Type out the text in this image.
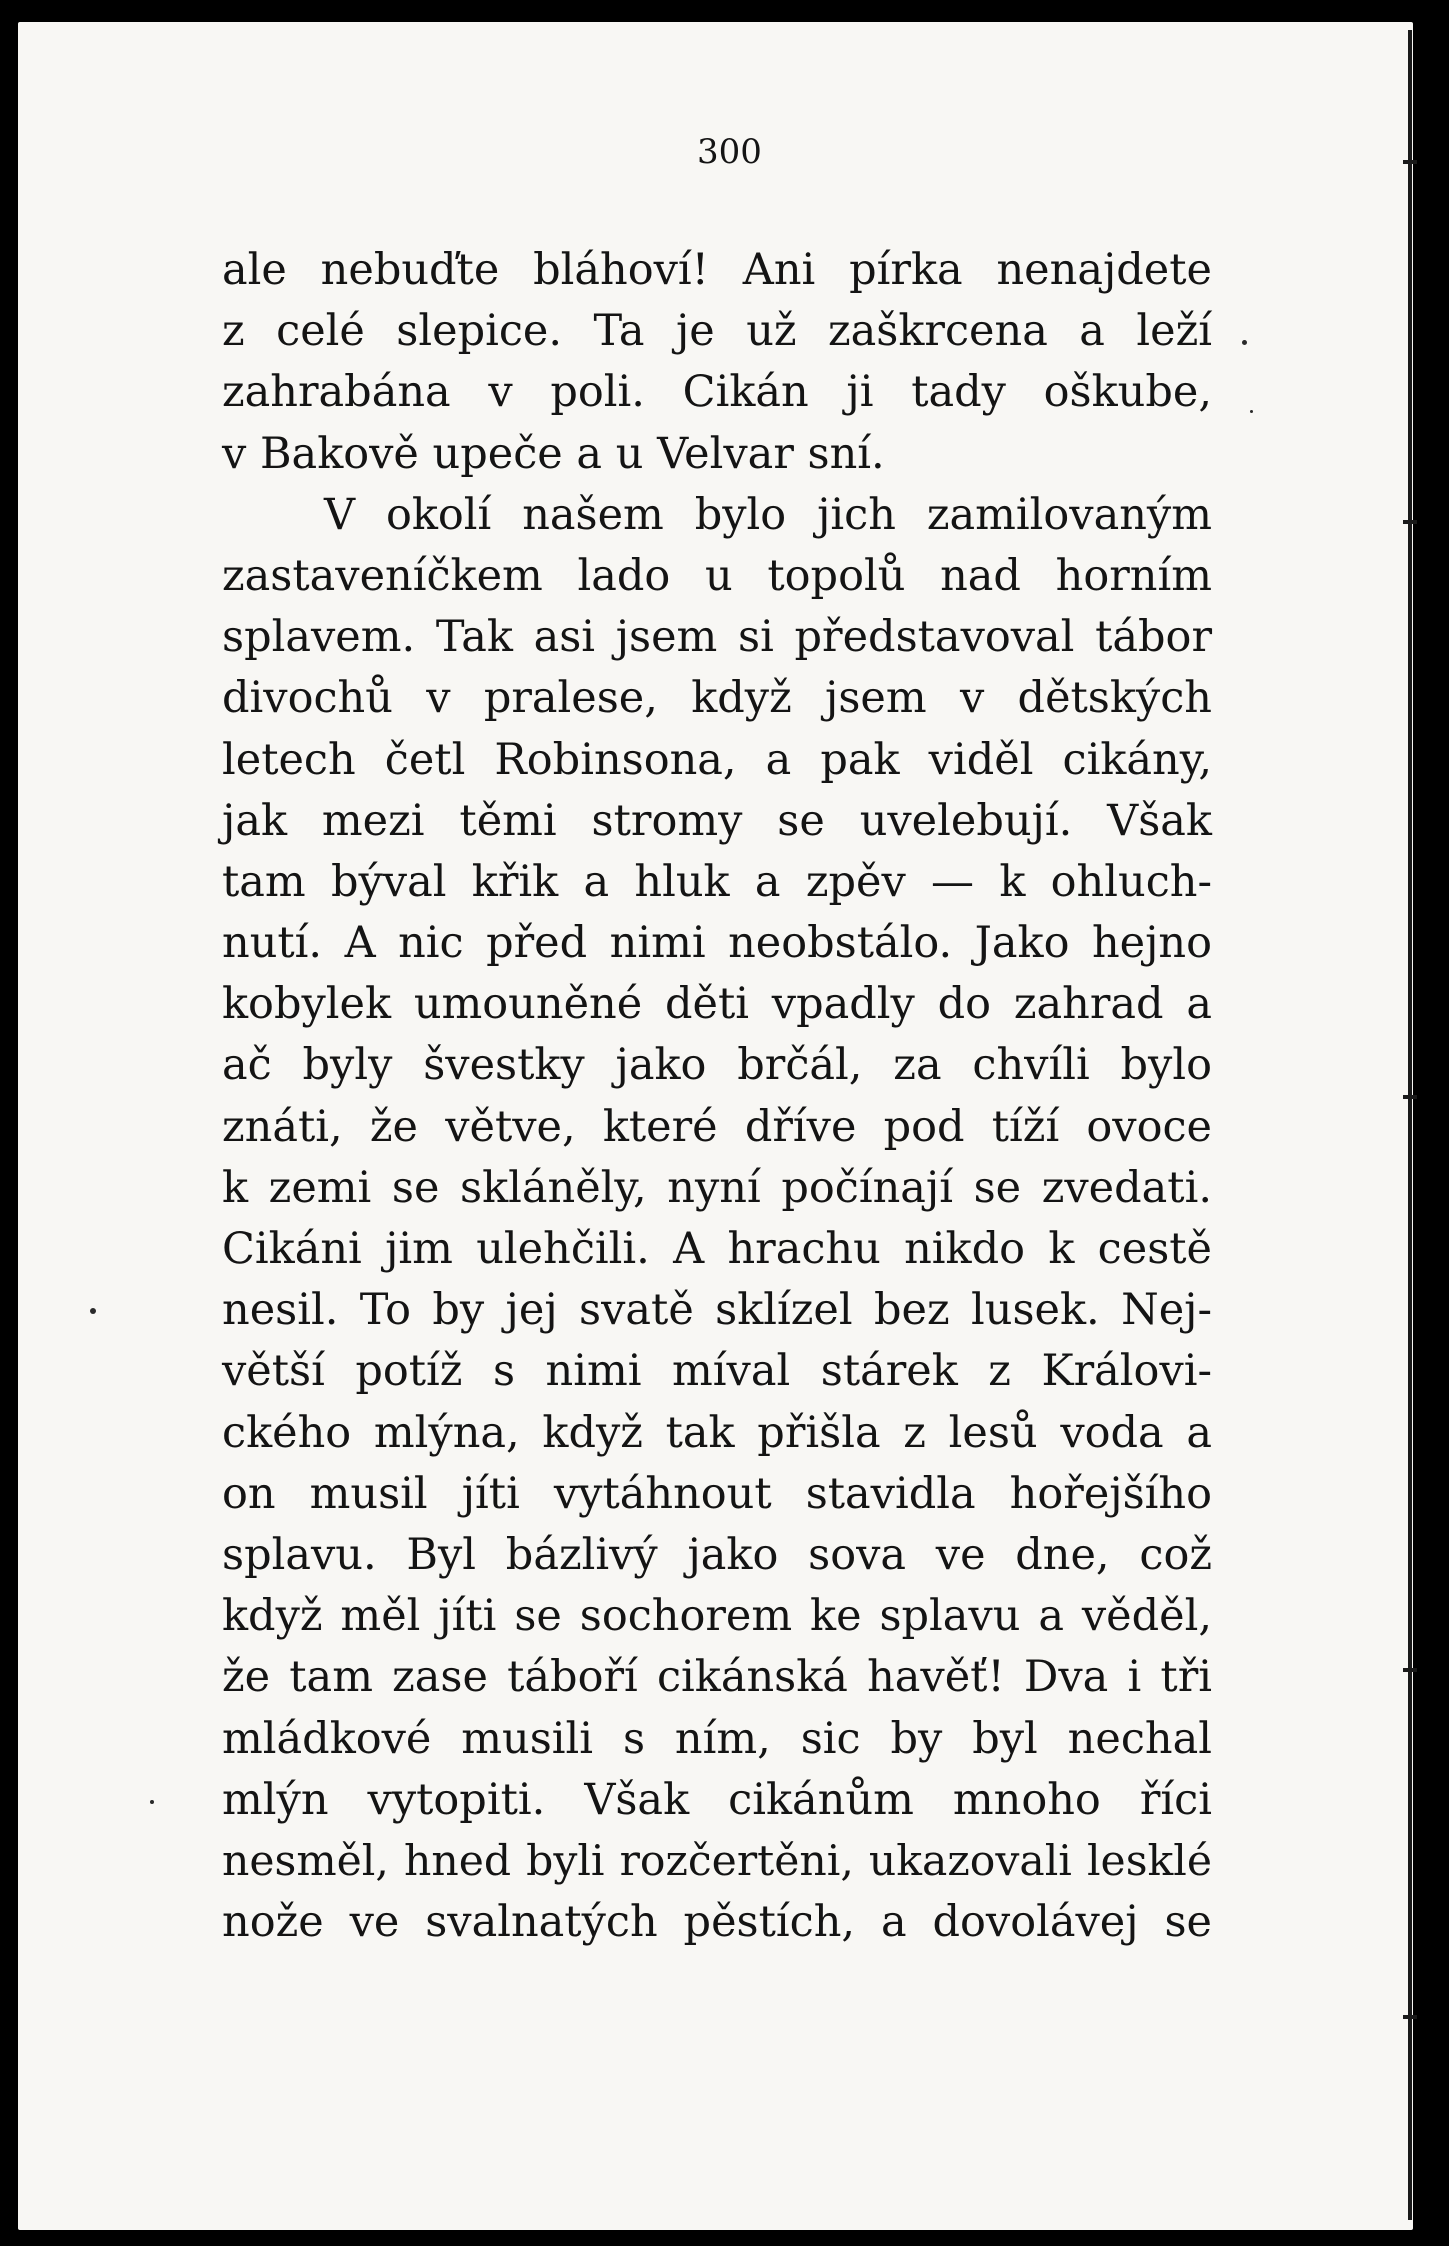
300
ale nebuďte bláhoví! Ani pírka nenajdete
z celé slepice. Ta je už zaškrcena a leží
zahrabána v poli. Cikán ji tady oškube,
v Bakově upeče a u Velvar sní.
V okolí našem bylo jich zamilovaným
zastaveníčkem lado u topolů nad horním
splavem. Tak asi jsem si představoval tábor
divochů v pralese, když jsem v dětských
letech četl Robinsona, a pak viděl cikány,
jak mezi těmi stromy se uvelebují. Však
tam býval křik a hluk a zpěv — k ohluch-
nutí. A nic před nimi neobstálo. Jako hejno
kobylek umouněné děti vpadly do zahrad a
ač byly švestky jako brčál, za chvíli bylo
znáti, že větve, které dříve pod tíží ovoce
k zemi se skláněly, nyní počínají se zvedati.
Cikáni jim ulehčili. A hrachu nikdo k cestě
nesil. To by jej svatě sklízel bez lusek. Nej-
větší potíž s nimi míval stárek z Královi-
ckého mlýna, když tak přišla z lesů voda a
on musil jíti vytáhnout stavidla hořejšího
splavu. Byl bázlivý jako sova ve dne, což
když měl jíti se sochorem ke splavu a věděl,
že tam zase táboří cikánská havěť! Dva i tři
mládkové musili s ním, sic by byl nechal
mlýn vytopiti. Však cikánům mnoho říci
nesměl, hned byli rozčertěni, ukazovali lesklé
nože ve svalnatých pěstích, a dovolávej se
